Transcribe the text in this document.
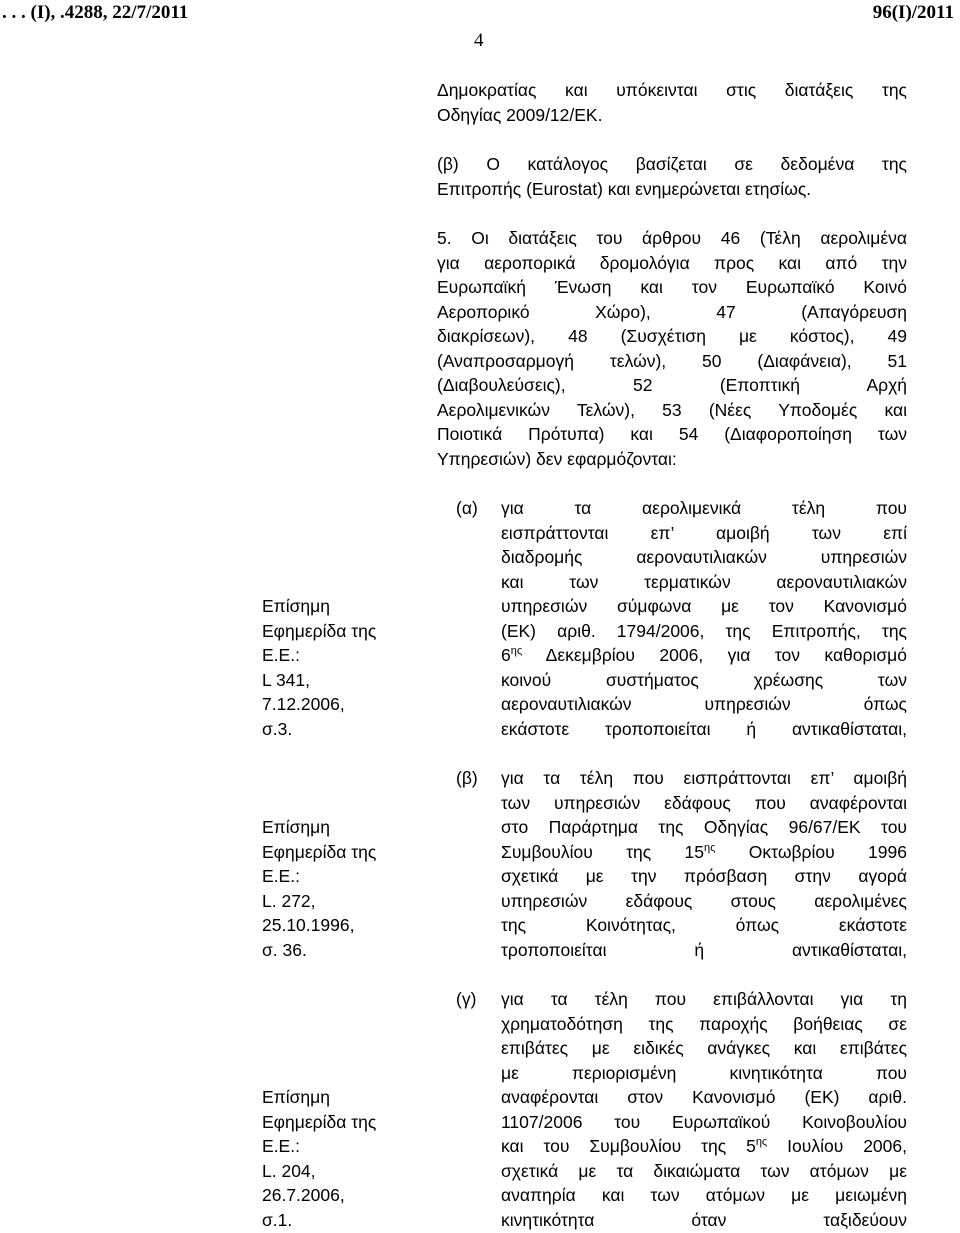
. . . (Ι), .4288, 22/7/2011	96(Ι)/2011
4
Δημοκρατίας και υπόκεινται στις διατάξεις της
Οδηγίας 2009/12/ΕΚ.
(β) Ο κατάλογος βασίζεται σε δεδομένα της
Επιτροπής (Eurostat) και ενημερώνεται ετησίως.
5. Οι διατάξεις του άρθρου 46 (Τέλη αερολιμένα
για αεροπορικά δρομολόγια προς και από την
Ευρωπαϊκή Ένωση και τον Ευρωπαϊκό Κοινό
Αεροπορικό Χώρο), 47 (Απαγόρευση
διακρίσεων), 48 (Συσχέτιση με κόστος), 49
(Αναπροσαρμογή τελών), 50 (Διαφάνεια), 51
(Διαβουλεύσεις), 52 (Εποπτική Αρχή
Αερολιμενικών Τελών), 53 (Νέες Υποδομές και
Ποιοτικά Πρότυπα) και 54 (Διαφοροποίηση των
Υπηρεσιών) δεν εφαρμόζονται:
Επίσημη
Εφημερίδα της
Ε.Ε.:
L 341,
7.12.2006,
σ.3.
Επίσημη
Εφημερίδα της
Ε.Ε.:
L. 272,
25.10.1996,
σ. 36.
Επίσημη
Εφημερίδα της
Ε.Ε.:
L. 204,
26.7.2006,
σ.1.
(α) για τα αερολιμενικά τέλη που
εισπράττονται επ’ αμοιβή των επί
διαδρομής αεροναυτιλιακών υπηρεσιών
και των τερματικών αεροναυτιλιακών
υπηρεσιών σύμφωνα με τον Κανονισμό
(ΕΚ) αριθ. 1794/2006, της Επιτροπής, της
$6^{\eta\varsigma}$ Δεκεμβρίου 2006, για τον καθορισμό
κοινού συστήματος χρέωσης των
αεροναυτιλιακών υπηρεσιών όπως
εκάστοτε τροποποιείται ή αντικαθίσταται,
(β) για τα τέλη που εισπράττονται επ’ αμοιβή
των υπηρεσιών εδάφους που αναφέρονται
στο Παράρτημα της Οδηγίας 96/67/ΕΚ του
Συμβουλίου της $15^{\eta\varsigma}$ Οκτωβρίου 1996
σχετικά με την πρόσβαση στην αγορά
υπηρεσιών εδάφους στους αερολιμένες
της Κοινότητας, όπως εκάστοτε
τροποποιείται ή αντικαθίσταται,
(γ) για τα τέλη που επιβάλλονται για τη
χρηματοδότηση της παροχής βοήθειας σε
επιβάτες με ειδικές ανάγκες και επιβάτες
με περιορισμένη κινητικότητα που
αναφέρονται στον Κανονισμό (ΕΚ) αριθ.
1107/2006 του Ευρωπαϊκού Κοινοβουλίου
και του Συμβουλίου της $5^{\eta\varsigma}$ Ιουλίου 2006,
σχετικά με τα δικαιώματα των ατόμων με
αναπηρία και των ατόμων με μειωμένη
κινητικότητα όταν ταξιδεύουν
